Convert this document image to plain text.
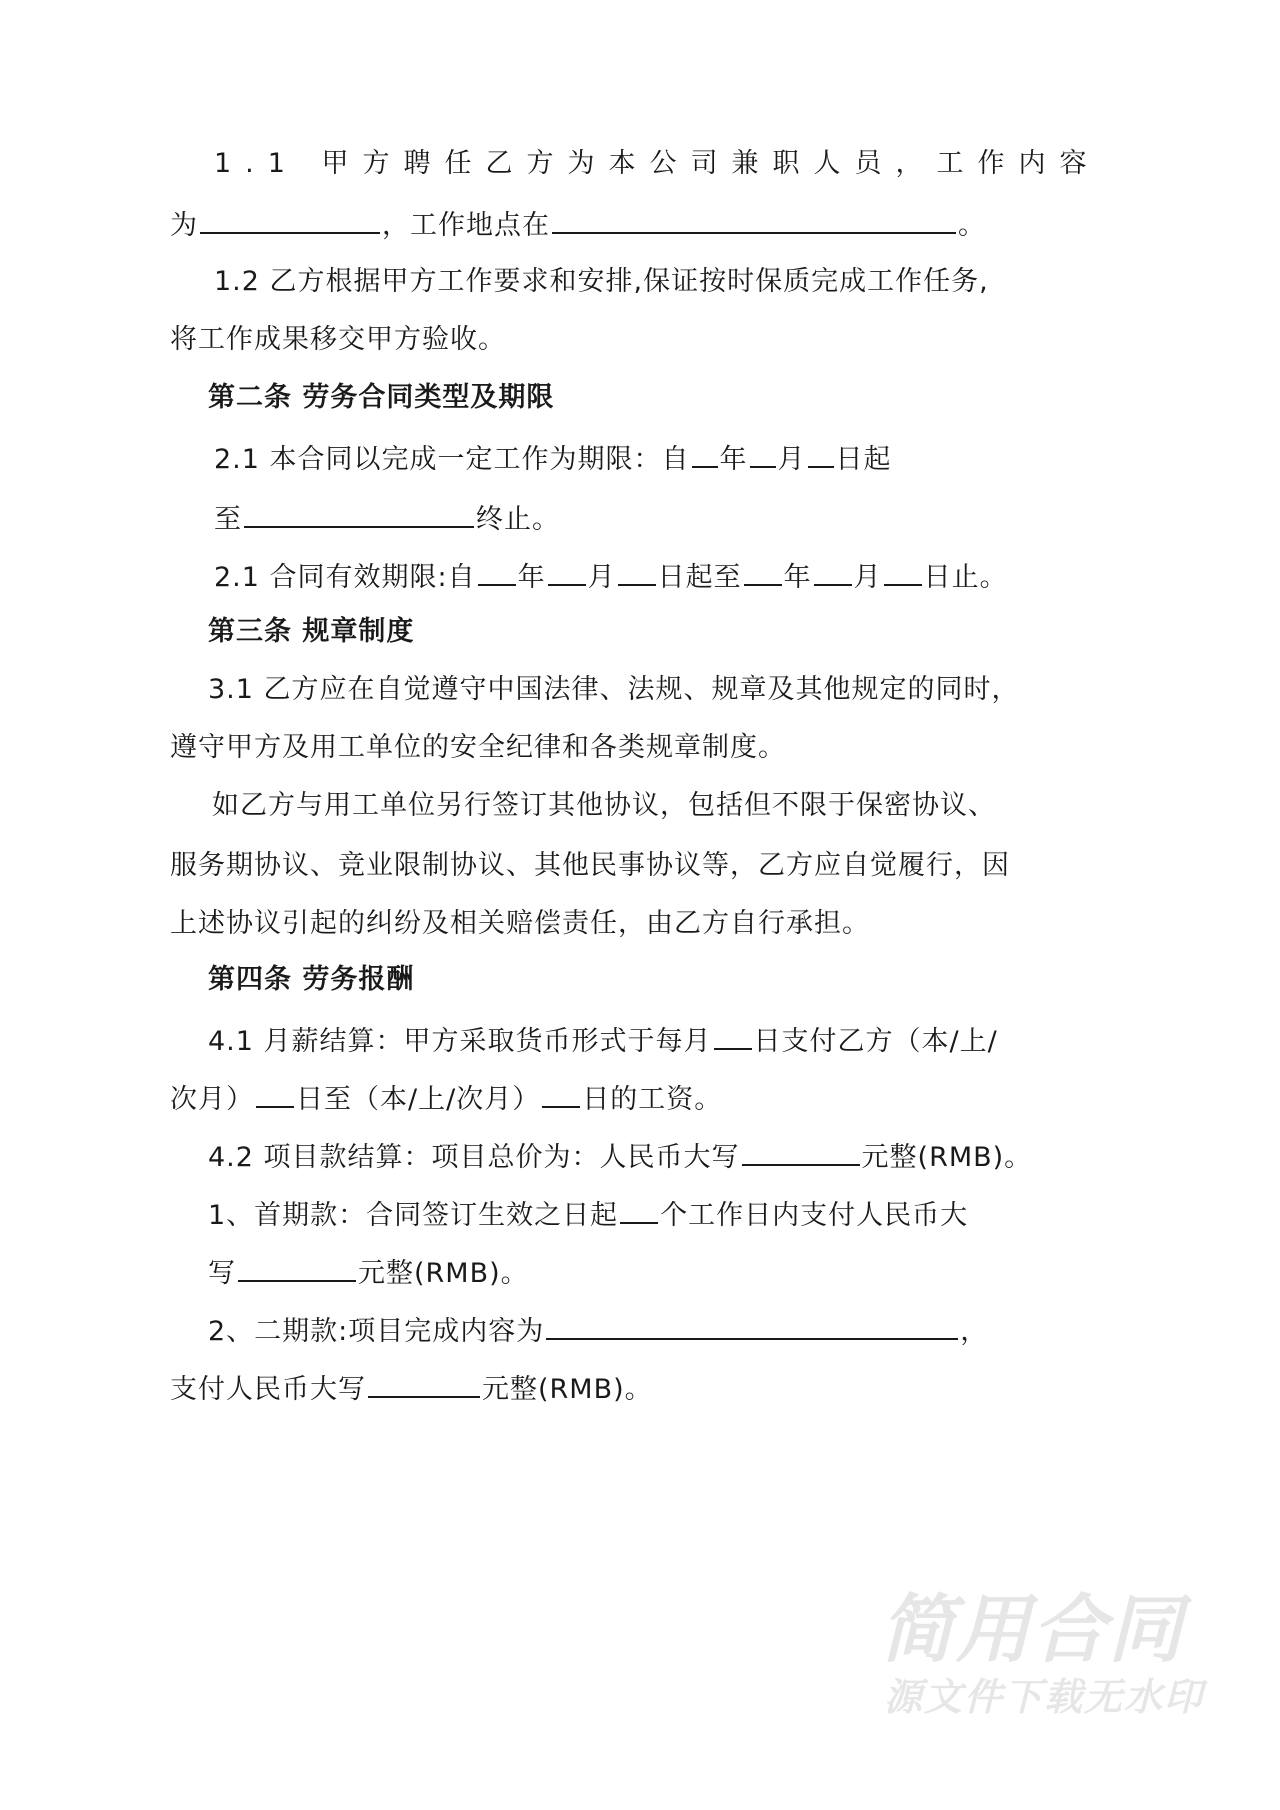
1.1 甲方聘任乙方为本公司兼职人员，工作内容
为	，工作地点在	。
1.2 乙方根据甲方工作要求和安排,保证按时保质完成工作任务,
将工作成果移交甲方验收。
第二条 劳务合同类型及期限
2.1 本合同以完成一定工作为期限：自 年 月 日起
至	终止。
2.1 合同有效期限:自 年 月 日起至 年 月 日止。
第三条 规章制度
3.1 乙方应在自觉遵守中国法律、法规、规章及其他规定的同时，
遵守甲方及用工单位的安全纪律和各类规章制度。
如乙方与用工单位另行签订其他协议，包括但不限于保密协议、
服务期协议、竞业限制协议、其他民事协议等，乙方应自觉履行，因
上述协议引起的纠纷及相关赔偿责任，由乙方自行承担。
第四条 劳务报酬
4.1 月薪结算：甲方采取货币形式于每月 日支付乙方（本/上/
次月） 日至（本/上/次月） 日的工资。
4.2 项目款结算：项目总价为：人民币大写	元整(RMB)。
1、首期款：合同签订生效之日起 个工作日内支付人民币大
写	元整(RMB)。
2、二期款:项目完成内容为	，
支付人民币大写	元整(RMB)。
简用合同
源文件下载无水印
